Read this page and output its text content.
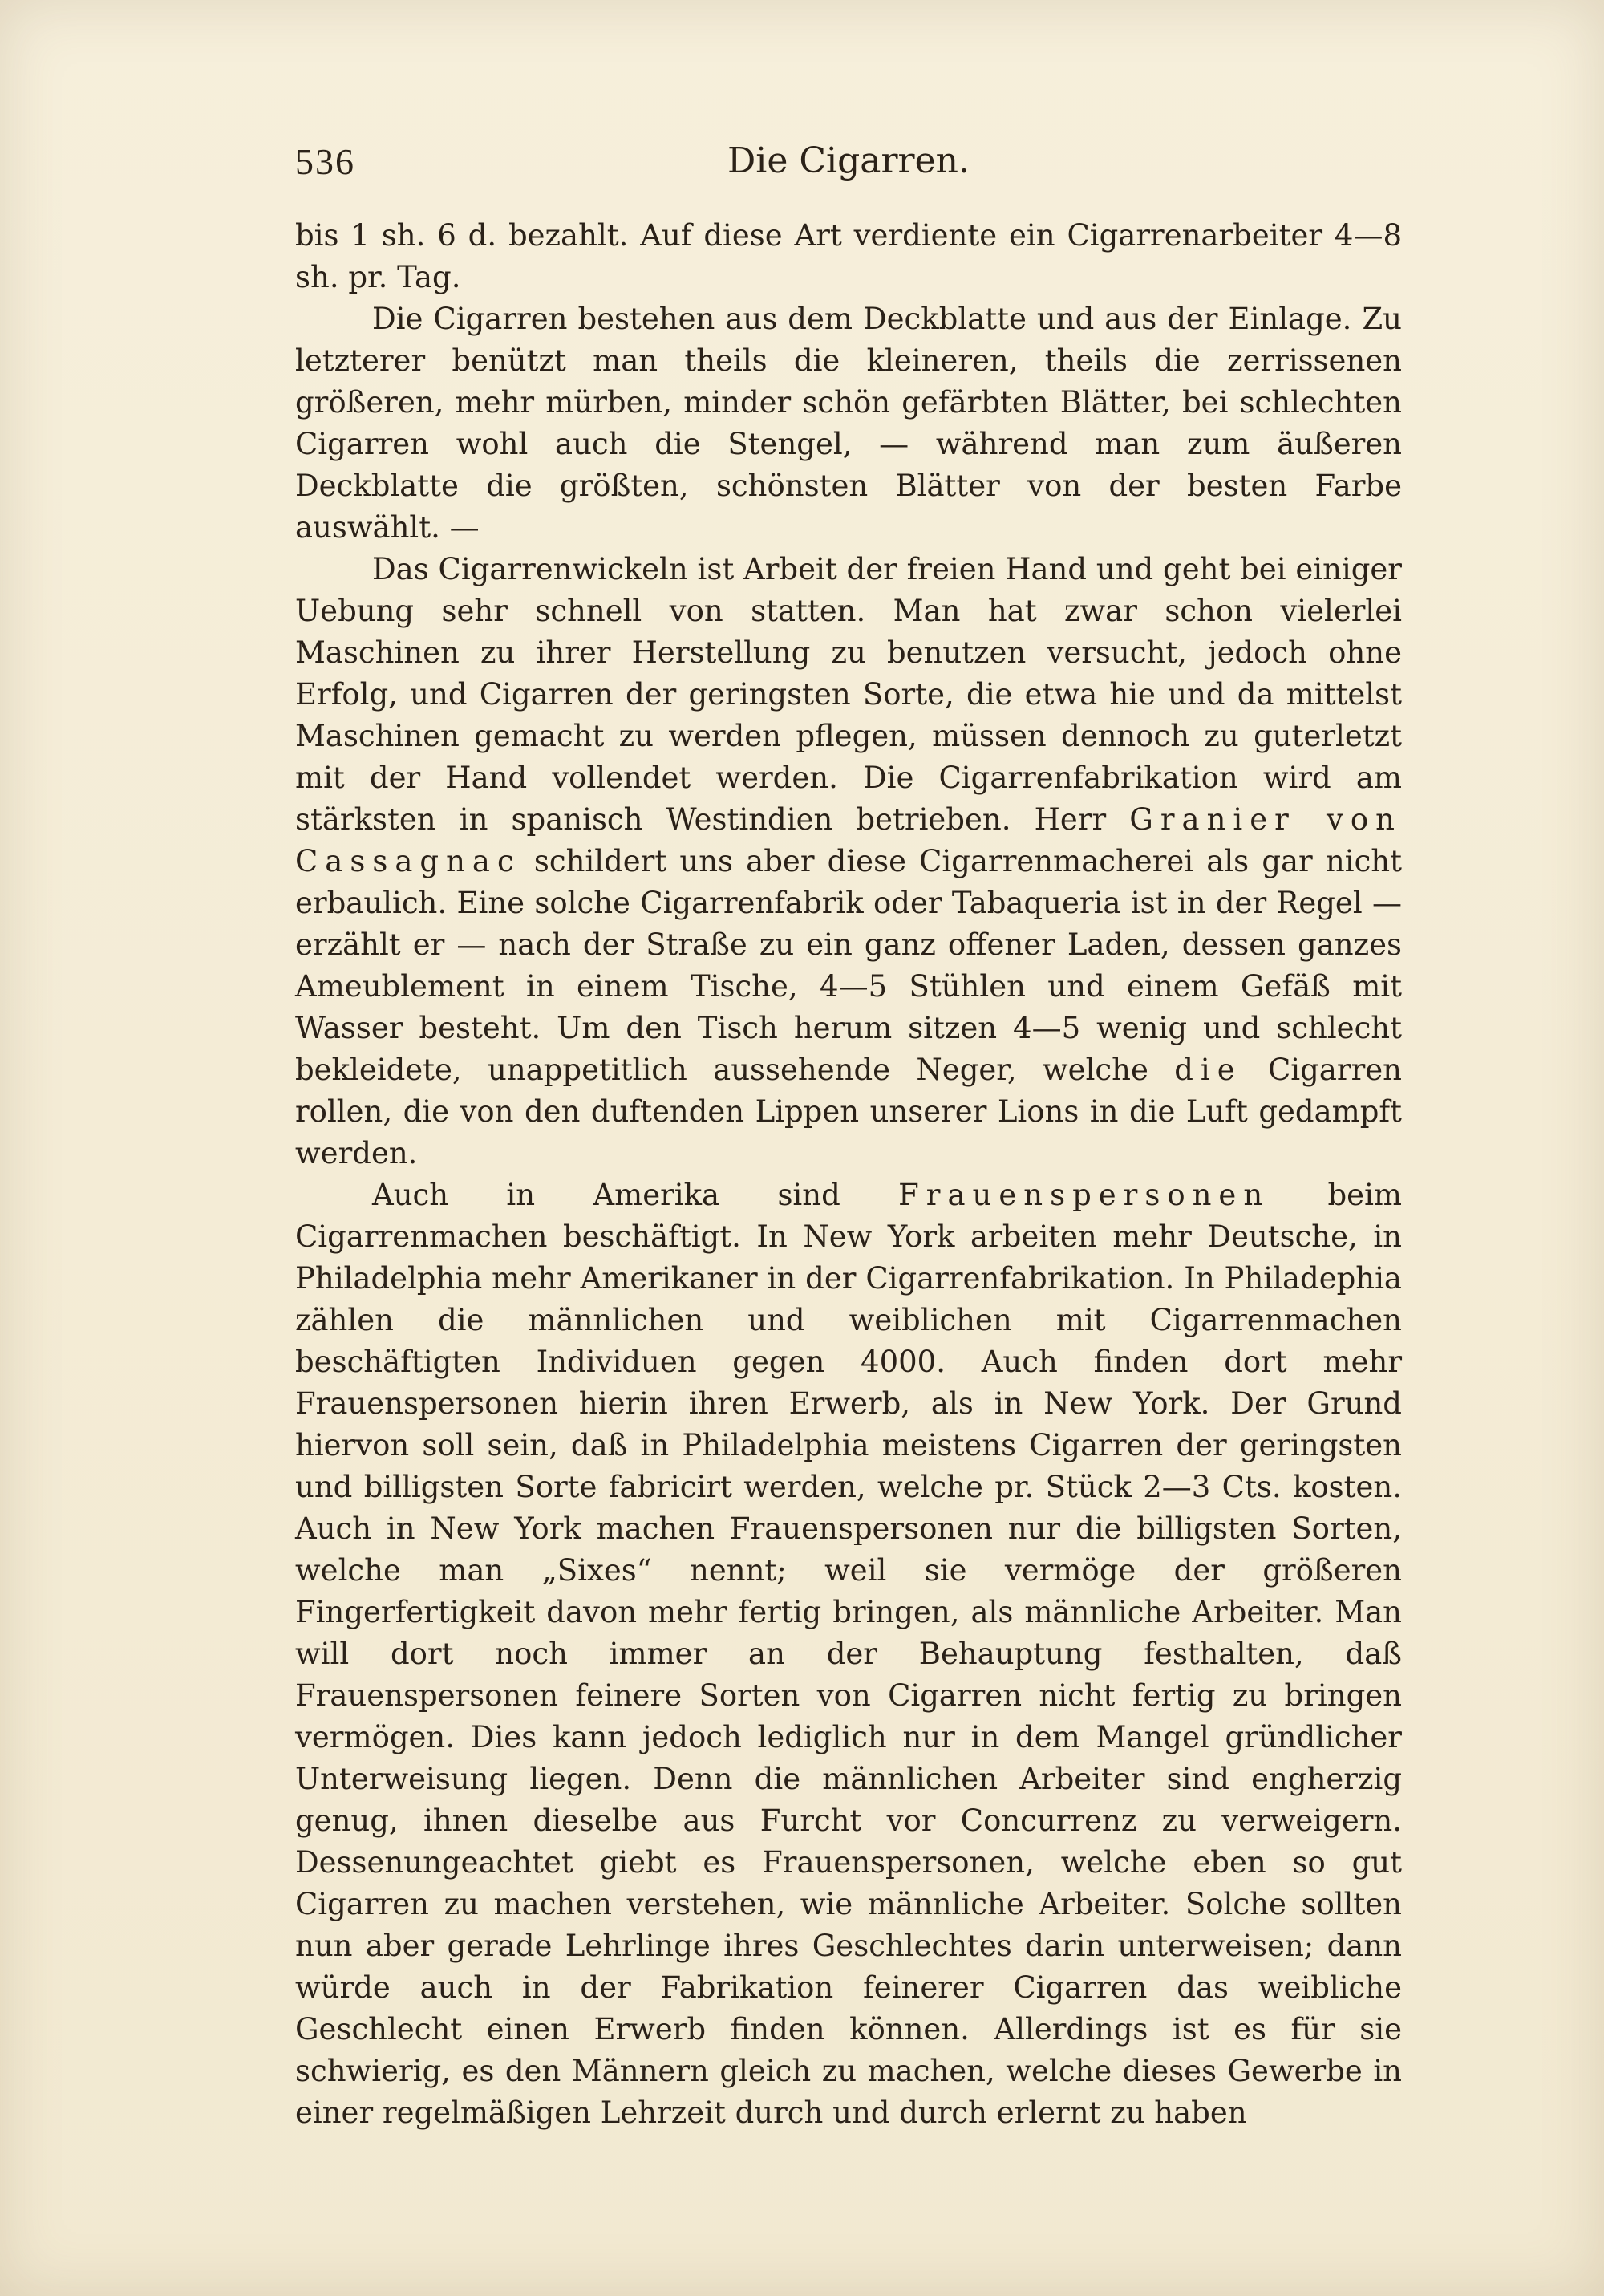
536	Die Cigarren.

bis 1 sh. 6 d. bezahlt. Auf diese Art verdiente ein Cigarrenarbeiter 4—8 sh. pr. Tag.

Die Cigarren bestehen aus dem Deckblatte und aus der Einlage. Zu letzterer benützt man theils die kleineren, theils die zerrissenen größeren, mehr mürben, minder schön gefärbten Blätter, bei schlechten Cigarren wohl auch die Stengel, — während man zum äußeren Deckblatte die größten, schönsten Blätter von der besten Farbe auswählt. —

Das Cigarrenwickeln ist Arbeit der freien Hand und geht bei einiger Uebung sehr schnell von statten. Man hat zwar schon vielerlei Maschinen zu ihrer Herstellung zu benutzen versucht, jedoch ohne Erfolg, und Cigarren der geringsten Sorte, die etwa hie und da mittelst Maschinen gemacht zu werden pflegen, müssen dennoch zu guterletzt mit der Hand vollendet werden. Die Cigarrenfabrikation wird am stärksten in spanisch Westindien betrieben. Herr Granier von Cassagnac schildert uns aber diese Cigarrenmacherei als gar nicht erbaulich. Eine solche Cigarrenfabrik oder Tabaqueria ist in der Regel — erzählt er — nach der Straße zu ein ganz offener Laden, dessen ganzes Ameublement in einem Tische, 4—5 Stühlen und einem Gefäß mit Wasser besteht. Um den Tisch herum sitzen 4—5 wenig und schlecht bekleidete, unappetitlich aussehende Neger, welche die Cigarren rollen, die von den duftenden Lippen unserer Lions in die Luft gedampft werden.

Auch in Amerika sind Frauenspersonen beim Cigarrenmachen beschäftigt. In New York arbeiten mehr Deutsche, in Philadelphia mehr Amerikaner in der Cigarrenfabrikation. In Philadephia zählen die männlichen und weiblichen mit Cigarrenmachen beschäftigten Individuen gegen 4000. Auch finden dort mehr Frauenspersonen hierin ihren Erwerb, als in New York. Der Grund hiervon soll sein, daß in Philadelphia meistens Cigarren der geringsten und billigsten Sorte fabricirt werden, welche pr. Stück 2—3 Cts. kosten. Auch in New York machen Frauenspersonen nur die billigsten Sorten, welche man „Sixes“ nennt; weil sie vermöge der größeren Fingerfertigkeit davon mehr fertig bringen, als männliche Arbeiter. Man will dort noch immer an der Behauptung festhalten, daß Frauenspersonen feinere Sorten von Cigarren nicht fertig zu bringen vermögen. Dies kann jedoch lediglich nur in dem Mangel gründlicher Unterweisung liegen. Denn die männlichen Arbeiter sind engherzig genug, ihnen dieselbe aus Furcht vor Concurrenz zu verweigern. Dessenungeachtet giebt es Frauenspersonen, welche eben so gut Cigarren zu machen verstehen, wie männliche Arbeiter. Solche sollten nun aber gerade Lehrlinge ihres Geschlechtes darin unterweisen; dann würde auch in der Fabrikation feinerer Cigarren das weibliche Geschlecht einen Erwerb finden können. Allerdings ist es für sie schwierig, es den Männern gleich zu machen, welche dieses Gewerbe in einer regelmäßigen Lehrzeit durch und durch erlernt zu haben
